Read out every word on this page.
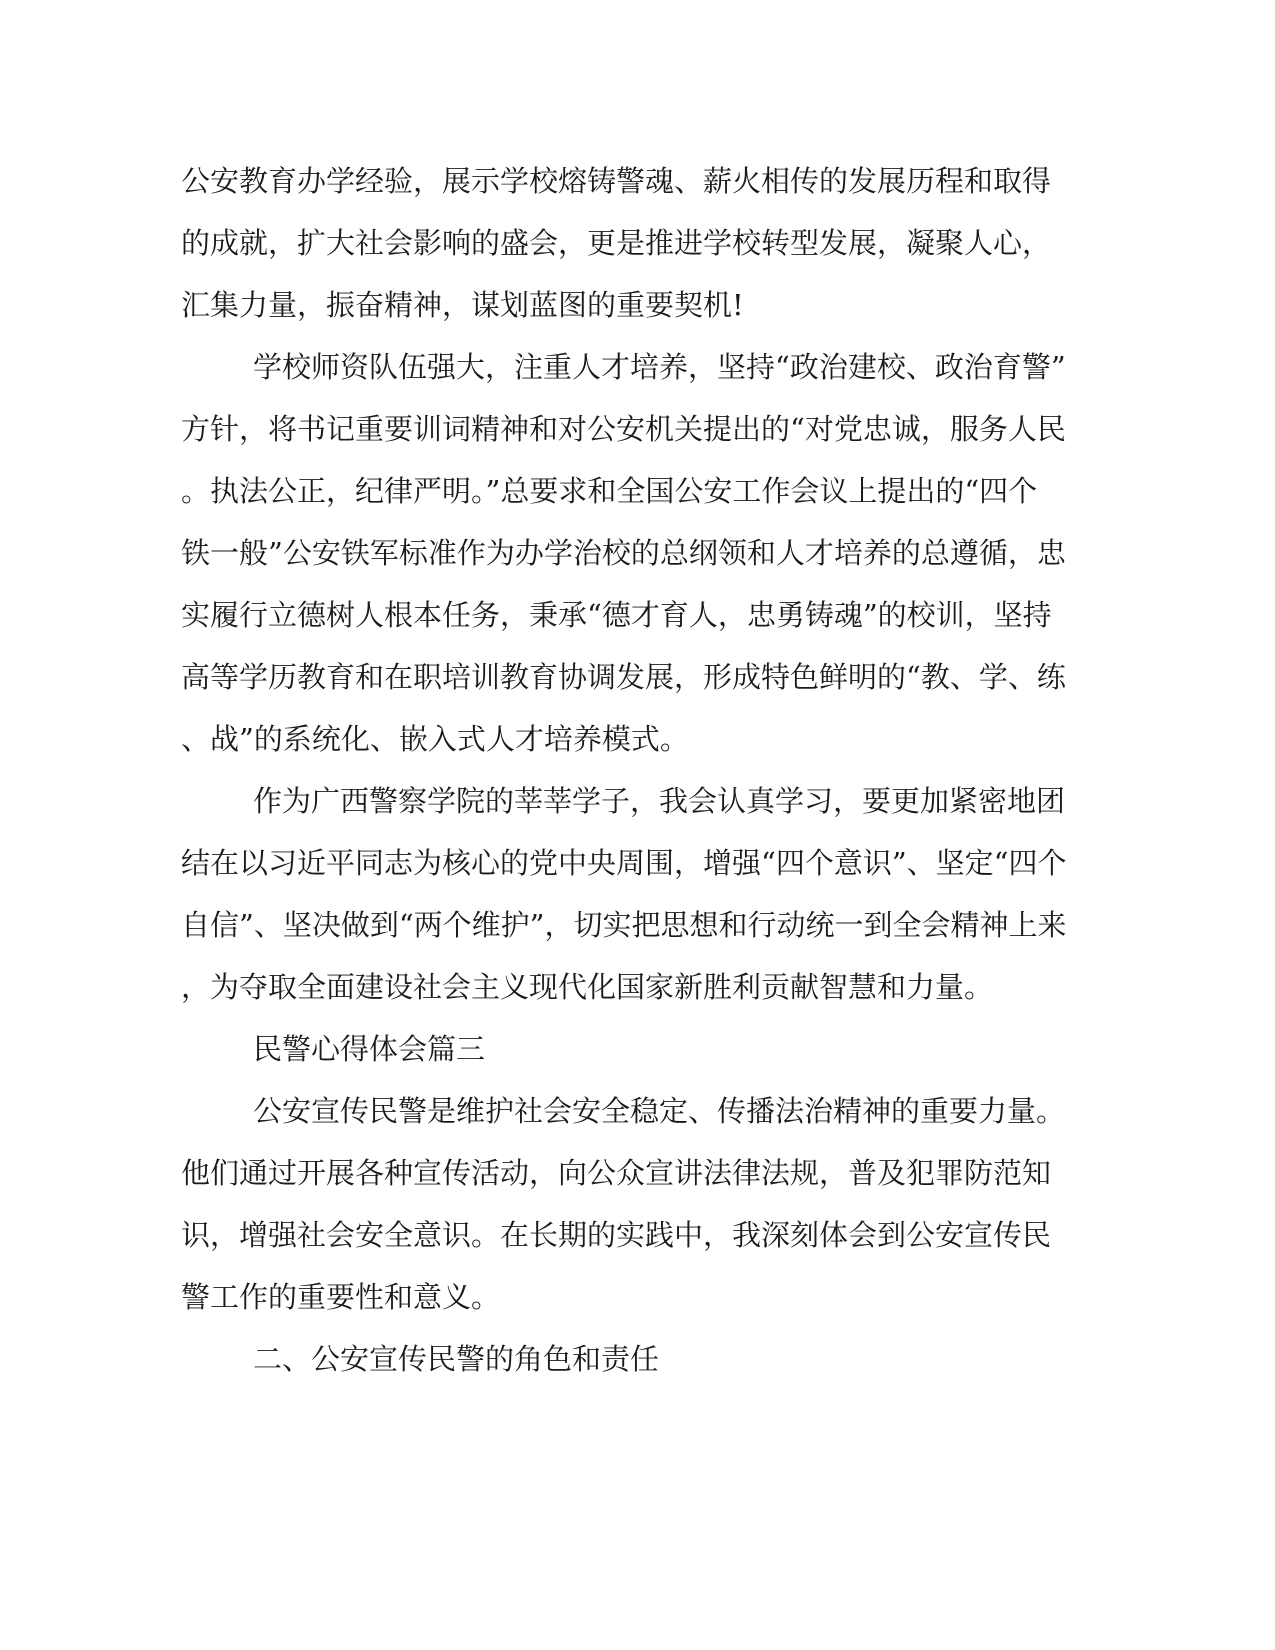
公安教育办学经验，展示学校熔铸警魂、薪火相传的发展历程和取得
的成就，扩大社会影响的盛会，更是推进学校转型发展，凝聚人心，
汇集力量，振奋精神，谋划蓝图的重要契机!
学校师资队伍强大，注重人才培养，坚持“政治建校、政治育警”
方针，将书记重要训词精神和对公安机关提出的“对党忠诚，服务人民
。执法公正，纪律严明。”总要求和全国公安工作会议上提出的“四个
铁一般”公安铁军标准作为办学治校的总纲领和人才培养的总遵循，忠
实履行立德树人根本任务，秉承“德才育人，忠勇铸魂”的校训，坚持
高等学历教育和在职培训教育协调发展，形成特色鲜明的“教、学、练
、战”的系统化、嵌入式人才培养模式。
作为广西警察学院的莘莘学子，我会认真学习，要更加紧密地团
结在以习近平同志为核心的党中央周围，增强“四个意识”、坚定“四个
自信”、坚决做到“两个维护”，切实把思想和行动统一到全会精神上来
，为夺取全面建设社会主义现代化国家新胜利贡献智慧和力量。
民警心得体会篇三
公安宣传民警是维护社会安全稳定、传播法治精神的重要力量。
他们通过开展各种宣传活动，向公众宣讲法律法规，普及犯罪防范知
识，增强社会安全意识。在长期的实践中，我深刻体会到公安宣传民
警工作的重要性和意义。
二、公安宣传民警的角色和责任
